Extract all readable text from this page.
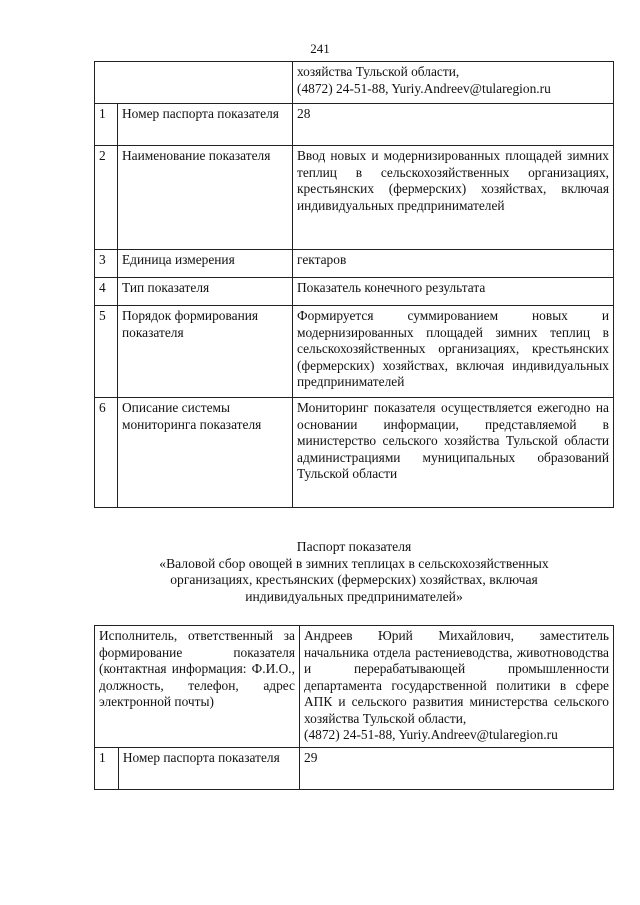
241

		хозяйства Тульской области,
(4872) 24-51-88, Yuriy.Andreev@tularegion.ru

1	Номер паспорта показателя	28
2	Наименование показателя	Ввод новых и модернизированных площадей зимних теплиц в сельскохозяйственных организациях, крестьянских (фермерских) хозяйствах, включая индивидуальных предпринимателей
3	Единица измерения	гектаров
4	Тип показателя	Показатель конечного результата
5	Порядок формирования показателя	Формируется суммированием новых и модернизированных площадей зимних теплиц в сельскохозяйственных организациях, крестьянских (фермерских) хозяйствах, включая индивидуальных предпринимателей
6	Описание системы мониторинга показателя	Мониторинг показателя осуществляется ежегодно на основании информации, представляемой в министерство сельского хозяйства Тульской области администрациями муниципальных образований Тульской области
Паспорт показателя
«Валовой сбор овощей в зимних теплицах в сельскохозяйственных
организациях, крестьянских (фермерских) хозяйствах, включая
индивидуальных предпринимателей»
Исполнитель, ответственный за формирование показателя (контактная информация: Ф.И.О., должность, телефон, адрес электронной почты)		Андреев Юрий Михайлович, заместитель начальника отдела растениеводства, животноводства и перерабатывающей промышленности департамента государственной политики в сфере АПК и сельского развития министерства сельского хозяйства Тульской области,
(4872) 24-51-88, Yuriy.Andreev@tularegion.ru

1	Номер паспорта показателя	29
